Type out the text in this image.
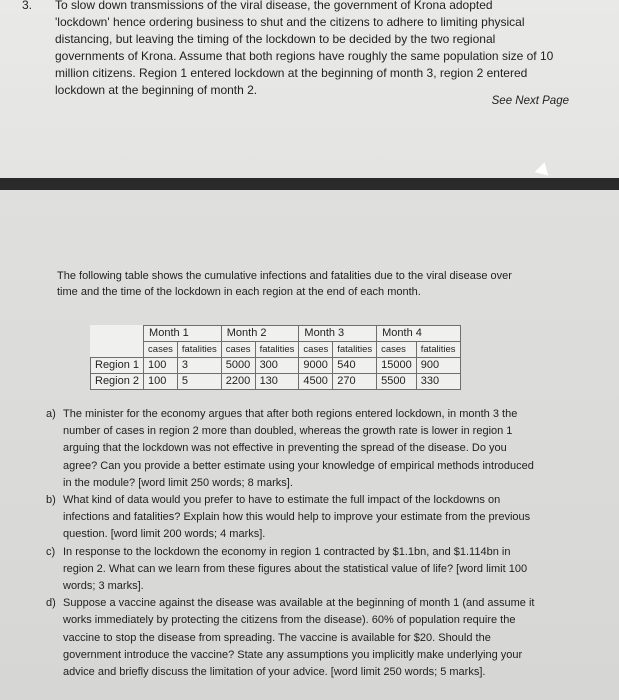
3. To slow down transmissions of the viral disease, the government of Krona adopted
'lockdown' hence ordering business to shut and the citizens to adhere to limiting physical
distancing, but leaving the timing of the lockdown to be decided by the two regional
governments of Krona. Assume that both regions have roughly the same population size of 10
million citizens. Region 1 entered lockdown at the beginning of month 3, region 2 entered
lockdown at the beginning of month 2.
See Next Page
The following table shows the cumulative infections and fatalities due to the viral disease over
time and the time of the lockdown in each region at the end of each month.
	Month 1		Month 2		Month 3		Month 4	
	cases	fatalities	cases	fatalities	cases	fatalities	cases	fatalities
Region 1	100	3	5000	300	9000	540	15000	900
Region 2	100	5	2200	130	4500	270	5500	330
a) The minister for the economy argues that after both regions entered lockdown, in month 3 the
number of cases in region 2 more than doubled, whereas the growth rate is lower in region 1
arguing that the lockdown was not effective in preventing the spread of the disease. Do you
agree? Can you provide a better estimate using your knowledge of empirical methods introduced
in the module? [word limit 250 words; 8 marks].
b) What kind of data would you prefer to have to estimate the full impact of the lockdowns on
infections and fatalities? Explain how this would help to improve your estimate from the previous
question. [word limit 200 words; 4 marks].
c) In response to the lockdown the economy in region 1 contracted by $1.1bn, and $1.114bn in
region 2. What can we learn from these figures about the statistical value of life? [word limit 100
words; 3 marks].
d) Suppose a vaccine against the disease was available at the beginning of month 1 (and assume it
works immediately by protecting the citizens from the disease). 60% of population require the
vaccine to stop the disease from spreading. The vaccine is available for $20. Should the
government introduce the vaccine? State any assumptions you implicitly make underlying your
advice and briefly discuss the limitation of your advice. [word limit 250 words; 5 marks].
